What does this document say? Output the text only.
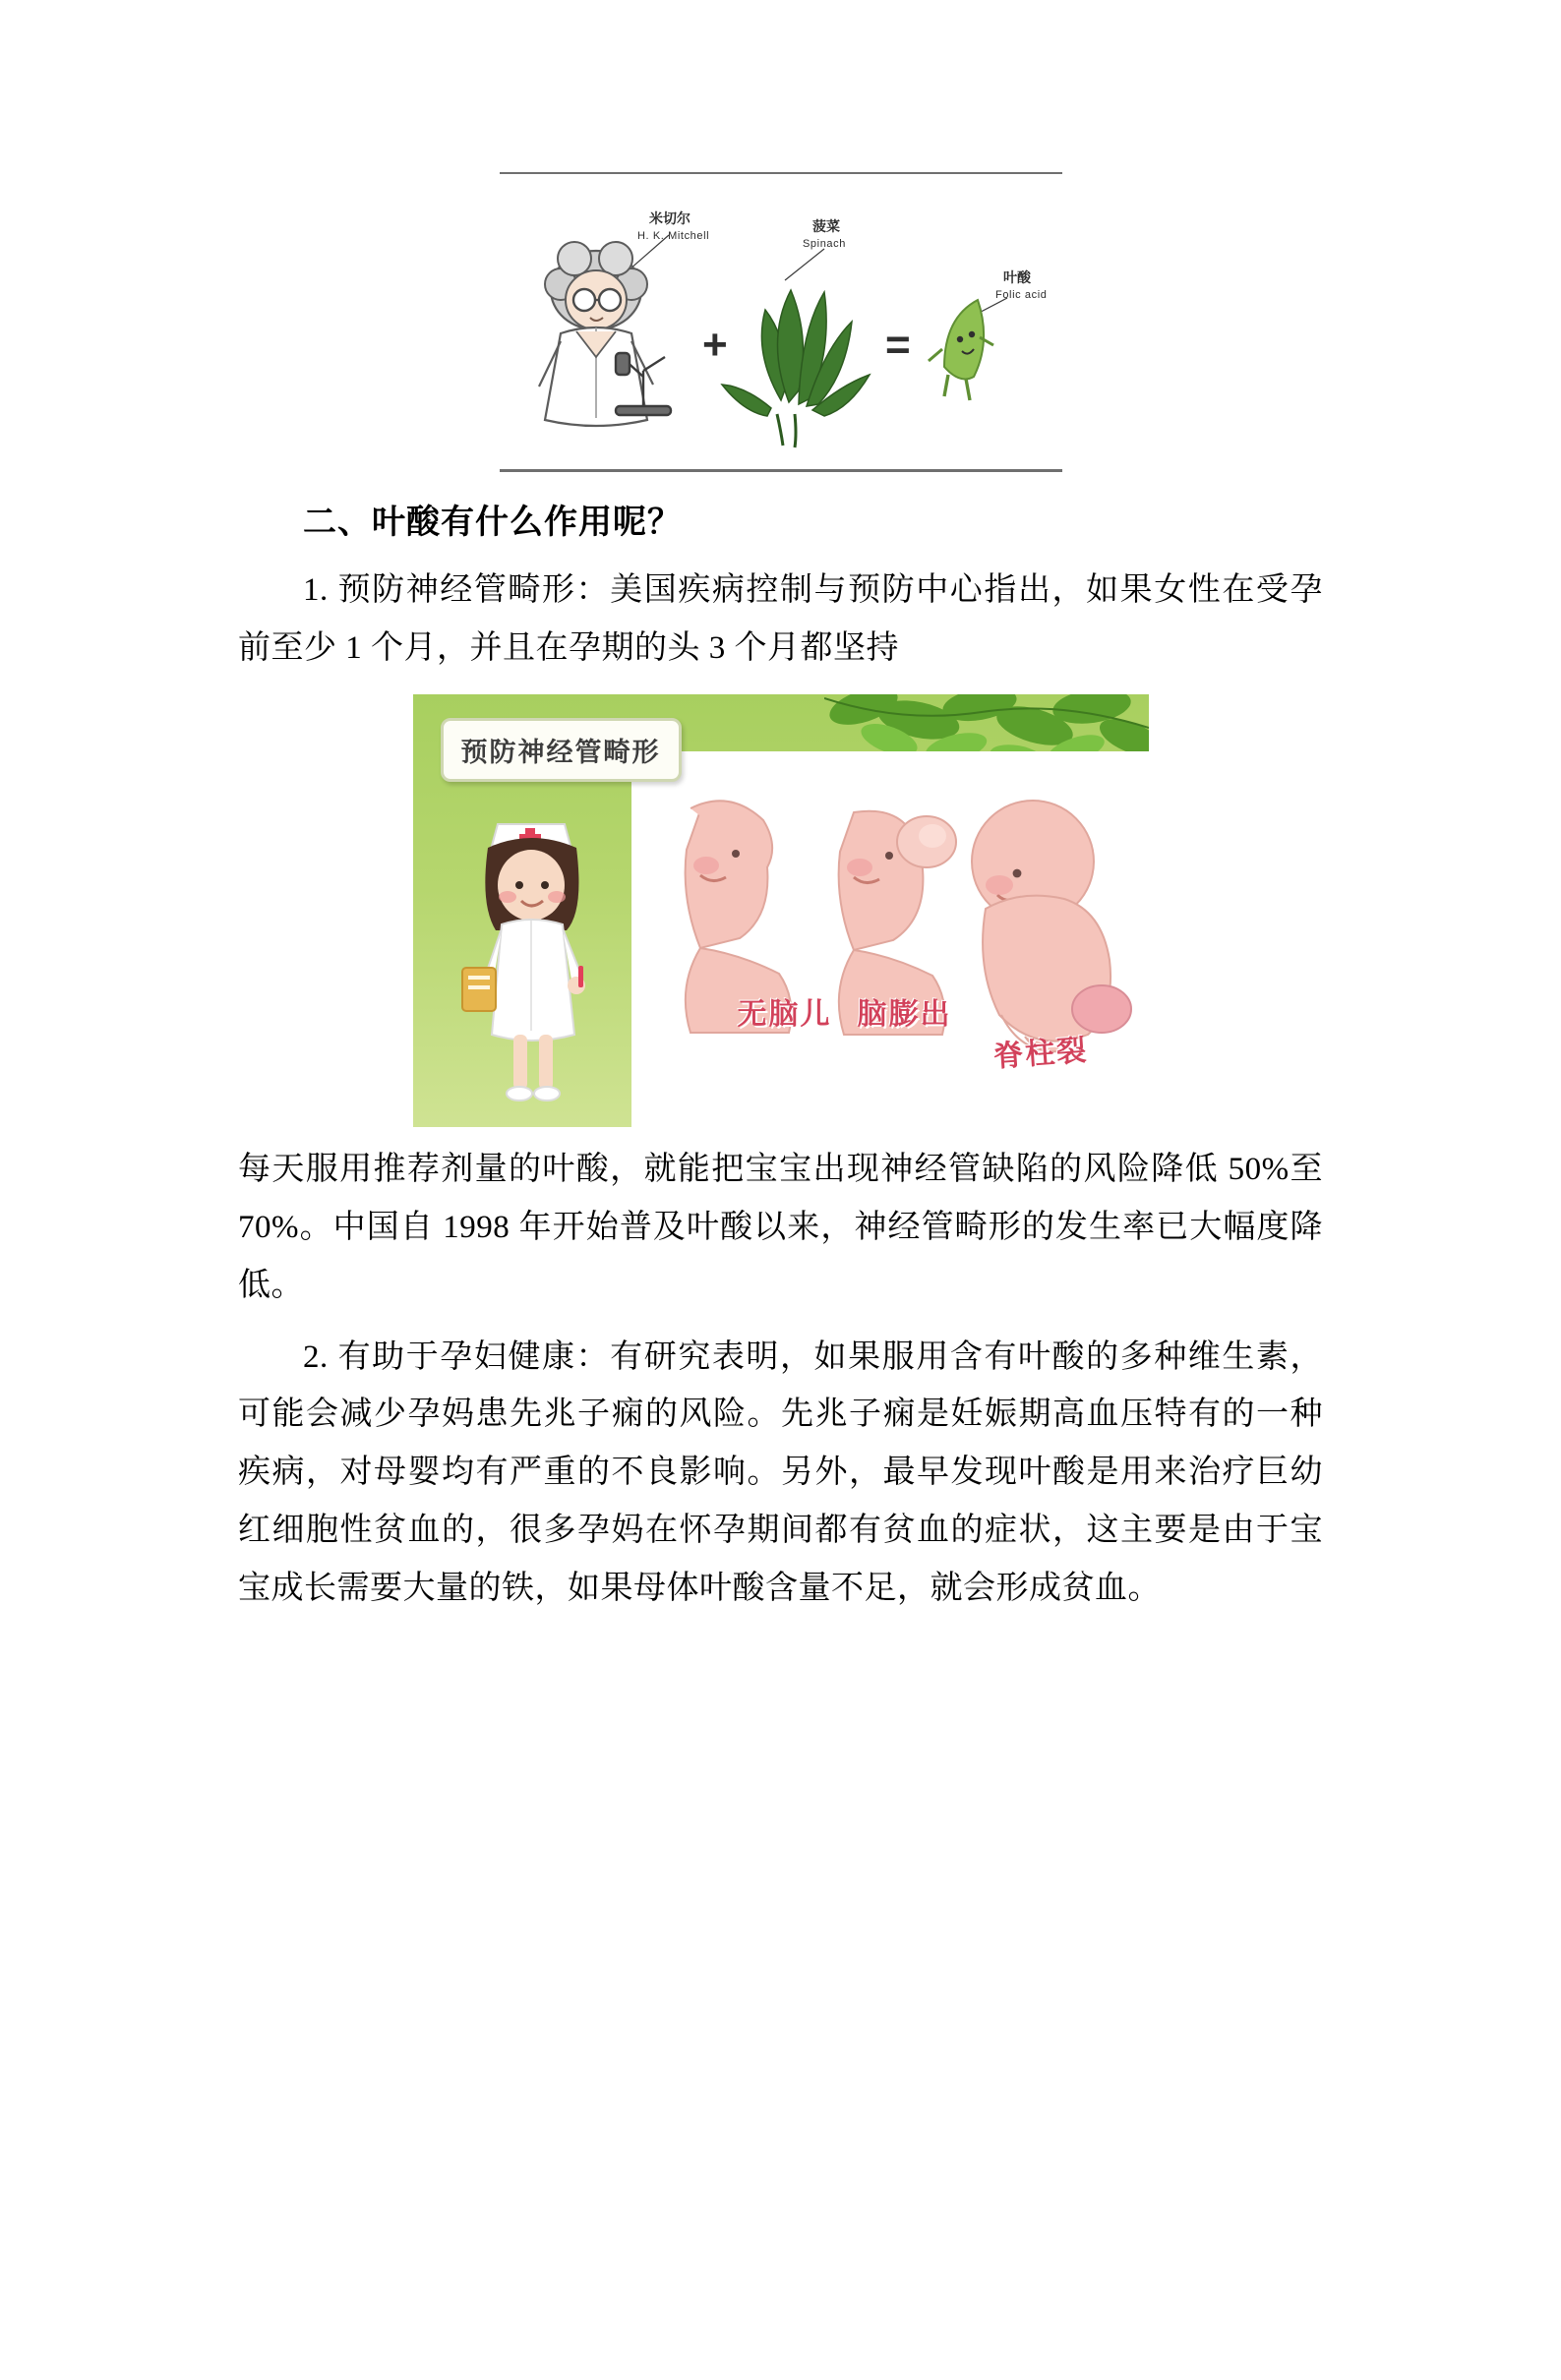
+	=
米切尔
H. K. Mitchell
菠菜
Spinach
叶酸
Folic acid
二、叶酸有什么作用呢？

1. 预防神经管畸形：美国疾病控制与预防中心指出，如果女性在受孕前至少 1 个月，并且在孕期的头 3 个月都坚持

预防神经管畸形
无脑儿 脑膨出
脊柱裂

每天服用推荐剂量的叶酸，就能把宝宝出现神经管缺陷的风险降低 50%至 70%。中国自 1998 年开始普及叶酸以来，神经管畸形的发生率已大幅度降低。

2. 有助于孕妇健康：有研究表明，如果服用含有叶酸的多种维生素，可能会减少孕妈患先兆子痫的风险。先兆子痫是妊娠期高血压特有的一种疾病，对母婴均有严重的不良影响。另外，最早发现叶酸是用来治疗巨幼红细胞性贫血的，很多孕妈在怀孕期间都有贫血的症状，这主要是由于宝宝成长需要大量的铁，如果母体叶酸含量不足，就会形成贫血。
